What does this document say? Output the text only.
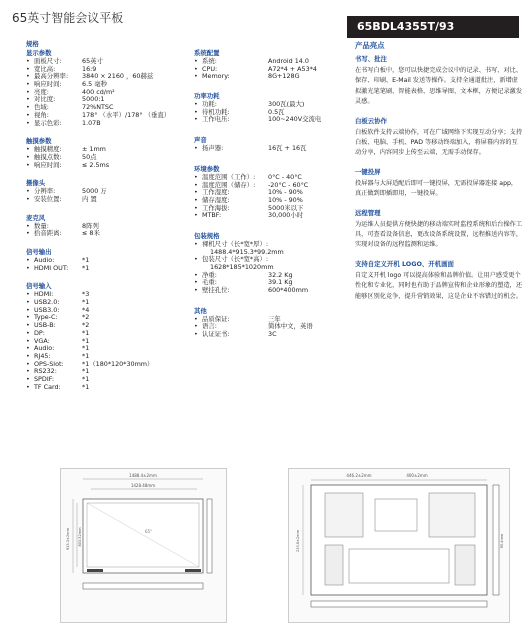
65英寸智能会议平板
65BDL4355T/93
规格
显示参数
• 面板尺寸:	65英寸
• 宽比高:	16:9
• 最高分辨率: 3840 × 2160 ，60赫兹
• 响应时间:	6.5 毫秒
• 亮度:	400 cd/m²
• 对比度:	5000:1
• 色域:	72%NTSC
• 视角:	178° （水平）/178° （垂直）
• 显示色彩:	1.07B
触摸参数
• 触摸精度:	± 1mm
• 触摸点数:	50点
• 响应时间:	≤ 2.5ms
摄像头
• 分辨率:	5000 万
• 安装位置:	内 置
麦克风
• 数量:	8阵列
• 拾音距离:	≤ 8米
信号输出
• Audio:	*1
• HDMI OUT: *1
信号输入
• HDMI:	*3
• USB2.0:	*1
• USB3.0:	*4
• Type-C:	*2
• USB-B:	*2
• DP:	*1
• VGA:	*1
• Audio:	*1
• RJ45:	*1
• OPS-Slot:	*1（180*120*30mm）
• RS232:	*1
• SPDIF:	*1
• TF Card:	*1
系统配置
• 系统:	Android 14.0
• CPU:	A72*4 + A53*4
• Memory:	8G+128G
功率功耗
• 功耗:	300瓦(最大)
• 待机功耗:	0.5瓦
• 工作电压:	100~240V交流电
声音
• 扬声器:	16瓦 + 16瓦
环境参数
• 温度范围（工作）: 0°C - 40°C
• 温度范围（储存）: -20°C - 60°C
• 工作湿度:	10% - 90%
• 储存湿度:	10% - 90%
• 工作海拔:	5000米以下
• MTBF:	30,000小时
包装规格
• 裸机尺寸（长*宽*厚）:
1488.4*915.3*99.2mm
• 包装尺寸（长*宽*高）:
1628*185*1020mm
• 净重:	32.2 Kg
• 毛重:	39.1 Kg
• 壁挂孔位:	600*400mm
其他
• 品质保证:	三年
• 语言:	简体中文，英语
• 认证证书:	3C
产品亮点
书写、批注
在书写白板中，您可以快捷完成会议中的记录、书写、对比、保存、印刷、E-Mail 发送等操作。支持全通道批注，新增虚拟激光笔笔刷、智能表格、思维导图、文本框，方便记录激发灵感。
白板云协作
白板软件支持云端协作，可在广域网络下实现互动分享；支持白板、电脑、手机、PAD 等移动终端加入，将屏幕内容的互动分享，内容同步上传至云端，无需手动保存。
一键投屏
投屏器与大屏适配后即可一键投屏，无需投屏器连接 app，真正做到即插即用，一键投屏。
远程管理
为运维人员提供方便快捷的移动端实时监控系统和后台操作工具，可查看设备信息，更改设备系统设置，远程推送内容等，实现对设备的远程监测和运维。
支持自定义开机 LOGO、开机画面
自定义开机 logo 可以提高体验和品牌价值。让用户感受更个性化和专业化，同时也有助于品牌宣传和企业形象的塑造，还能够区别化竞争，提升营销效果，这是企业不容错过的机会。
1488.4±2mm
1428.48mm
65"
915.3±2mm 803.52mm
446.2±2mm	400±2mm
233.6±2mm	95.4mm
